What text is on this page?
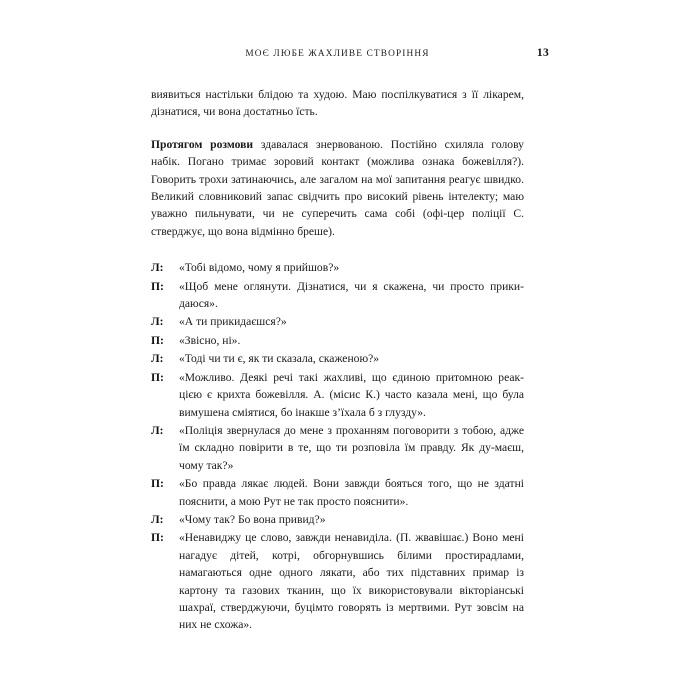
МОЄ ЛЮБЕ ЖАХЛИВЕ СТВОРІННЯ	13

виявиться настільки блідою та худою. Маю поспілкуватися з її лікарем, дізнатися, чи вона достатньо їсть.

Протягом розмови здавалася знервованою. Постійно схиляла голову набік. Погано тримає зоровий контакт (можлива ознака божевілля?). Говорить трохи затинаючись, але загалом на мої запитання реагує швидко. Великий словниковий запас свідчить про високий рівень інтелекту; маю уважно пильнувати, чи не суперечить сама собі (офі-цер поліції С. стверджує, що вона відмінно бреше).

Л:	«Тобі відомо, чому я прийшов?»
П:	«Щоб мене оглянути. Дізнатися, чи я скажена, чи просто прики-даюся».
Л:	«А ти прикидаєшся?»
П:	«Звісно, ні».
Л:	«Тоді чи ти є, як ти сказала, скаженою?»
П:	«Можливо. Деякі речі такі жахливі, що єдиною притомною реак-цією є крихта божевілля. А. (місис К.) часто казала мені, що була вимушена сміятися, бо інакше з’їхала б з глузду».
Л:	«Поліція звернулася до мене з проханням поговорити з тобою, адже їм складно повірити в те, що ти розповіла їм правду. Як ду-маєш, чому так?»
П:	«Бо правда лякає людей. Вони завжди бояться того, що не здатні пояснити, а мою Рут не так просто пояснити».
Л:	«Чому так? Бо вона привид?»
П:	«Ненавиджу це слово, завжди ненавиділа. (П. жвавішає.) Воно мені нагадує дітей, котрі, обгорнувшись білими простирадлами, намагаються одне одного лякати, або тих підставних примар із картону та газових тканин, що їх використовували вікторіанські шахраї, стверджуючи, буцімто говорять із мертвими. Рут зовсім на них не схожа».
